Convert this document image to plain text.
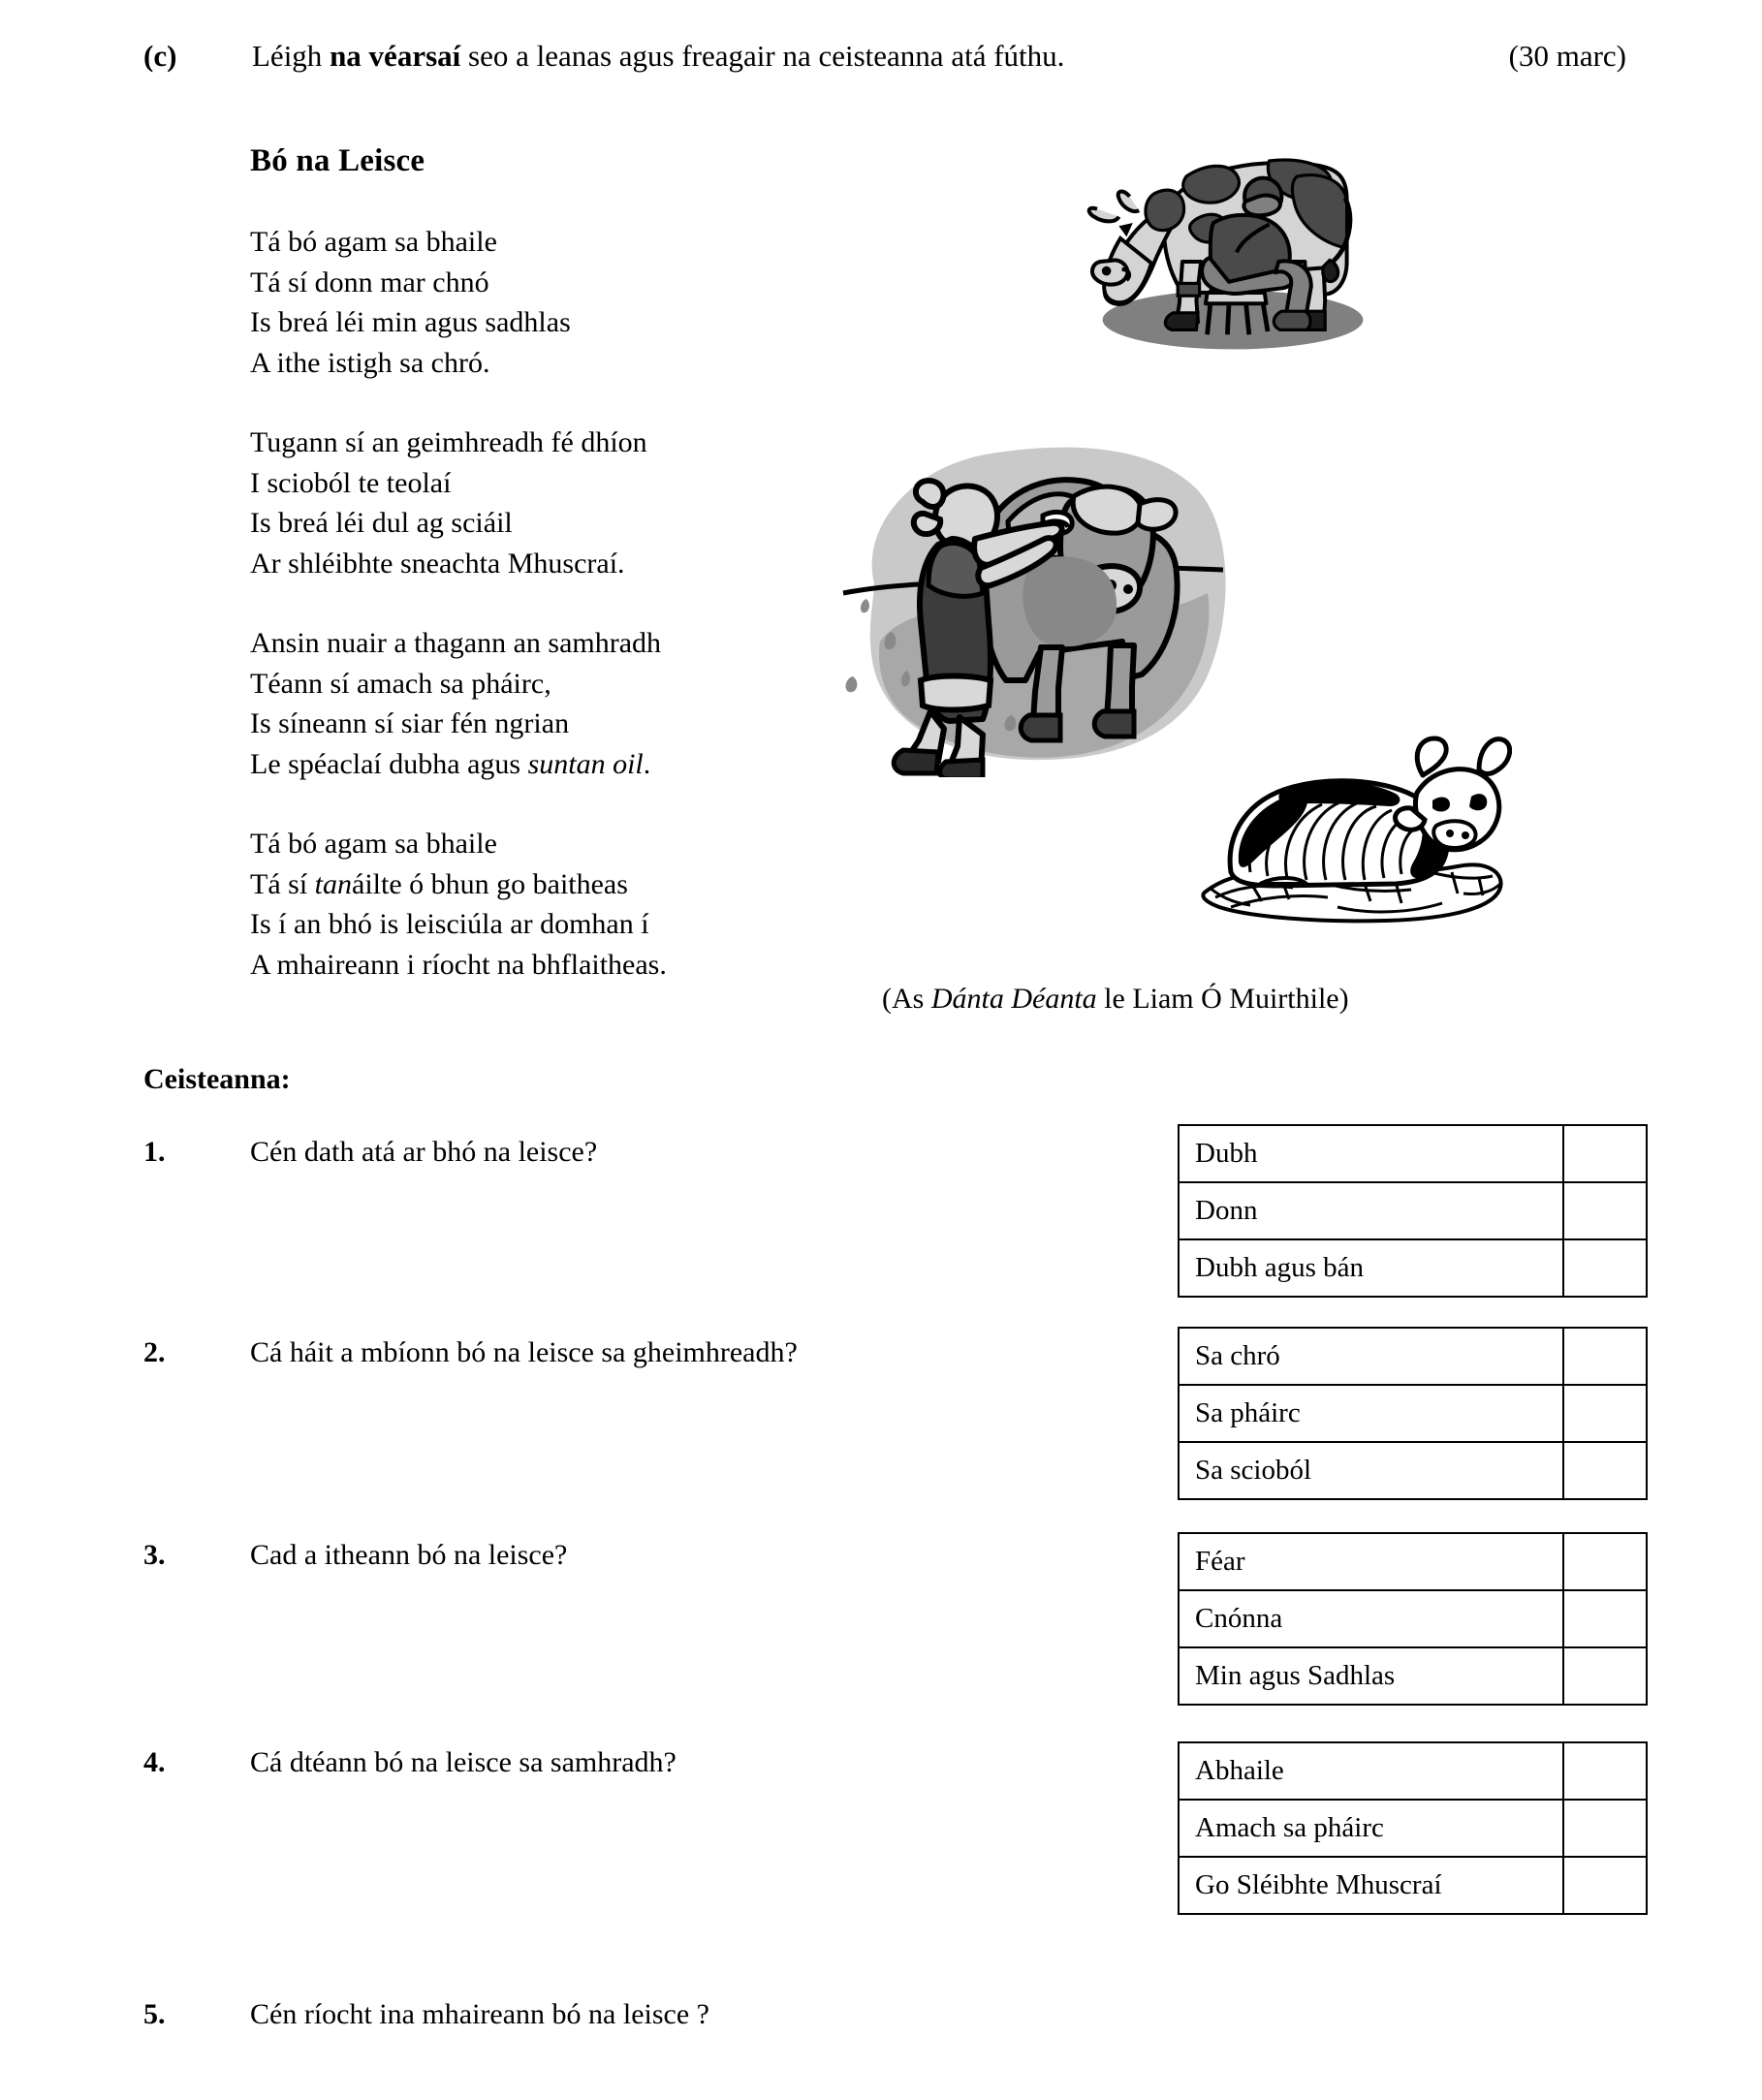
(c)	Léigh na véarsaí seo a leanas agus freagair na ceisteanna atá fúthu.	(30 marc)
Bó na Leisce
Tá bó agam sa bhaile
Tá sí donn mar chnó
Is breá léi min agus sadhlas
A ithe istigh sa chró.
Tugann sí an geimhreadh fé dhíon
I scioból te teolaí
Is breá léi dul ag sciáil
Ar shléibhte sneachta Mhuscraí.
Ansin nuair a thagann an samhradh
Téann sí amach sa pháirc,
Is síneann sí siar fén ngrian
Le spéaclaí dubha agus suntan oil.
Tá bó agam sa bhaile
Tá sí tanáilte ó bhun go baitheas
Is í an bhó is leisciúla ar domhan í
A mhaireann i ríocht na bhflaitheas.
(As Dánta Déanta le Liam Ó Muirthile)
Ceisteanna:
1.	Cén dath atá ar bhó na leisce?	Dubh	
Donn	
Dubh agus bán	
2.	Cá háit a mbíonn bó na leisce sa gheimhreadh?	Sa chró	
Sa pháirc	
Sa scioból	
3.	Cad a itheann bó na leisce?	Féar	
Cnónna	
Min agus Sadhlas	
4.	Cá dtéann bó na leisce sa samhradh?	Abhaile	
Amach sa pháirc	
Go Sléibhte Mhuscraí	
5.	Cén ríocht ina mhaireann bó na leisce ?
